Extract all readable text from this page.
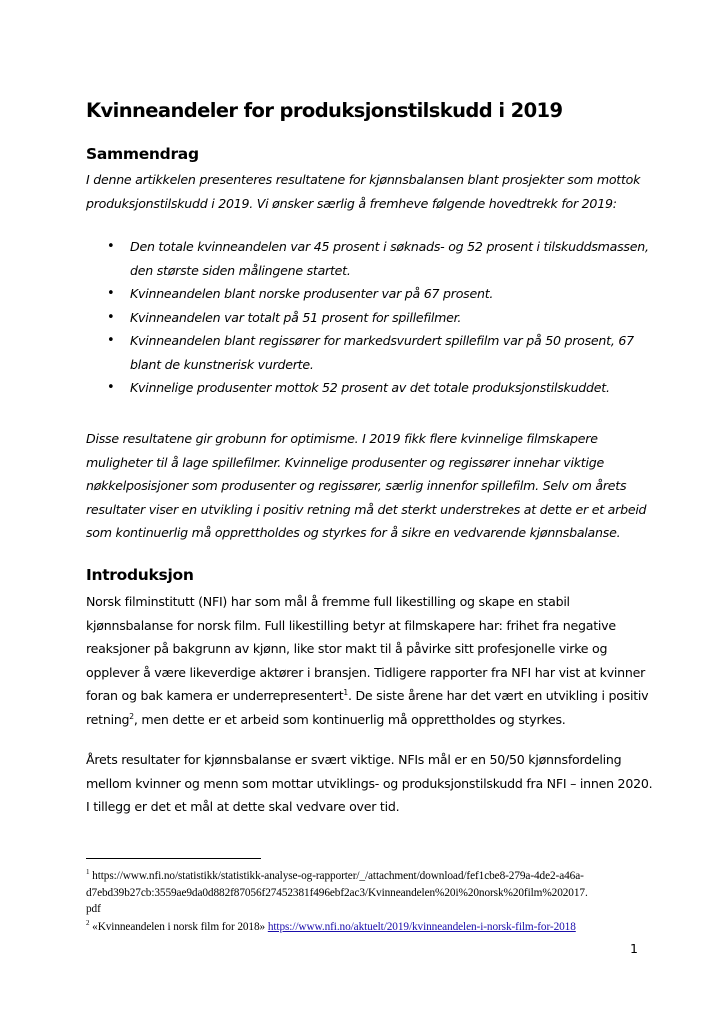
Kvinneandeler for produksjonstilskudd i 2019
Sammendrag

I denne artikkelen presenteres resultatene for kjønnsbalansen blant prosjekter som mottok
produksjonstilskudd i 2019. Vi ønsker særlig å fremheve følgende hovedtrekk for 2019:

• Den totale kvinneandelen var 45 prosent i søknads- og 52 prosent i tilskuddsmassen,
den største siden målingene startet.
• Kvinneandelen blant norske produsenter var på 67 prosent.
• Kvinneandelen var totalt på 51 prosent for spillefilmer.
• Kvinneandelen blant regissører for markedsvurdert spillefilm var på 50 prosent, 67
blant de kunstnerisk vurderte.
• Kvinnelige produsenter mottok 52 prosent av det totale produksjonstilskuddet.

Disse resultatene gir grobunn for optimisme. I 2019 fikk flere kvinnelige filmskapere
muligheter til å lage spillefilmer. Kvinnelige produsenter og regissører innehar viktige
nøkkelposisjoner som produsenter og regissører, særlig innenfor spillefilm. Selv om årets
resultater viser en utvikling i positiv retning må det sterkt understrekes at dette er et arbeid
som kontinuerlig må opprettholdes og styrkes for å sikre en vedvarende kjønnsbalanse.

Introduksjon

Norsk filminstitutt (NFI) har som mål å fremme full likestilling og skape en stabil
kjønnsbalanse for norsk film. Full likestilling betyr at filmskapere har: frihet fra negative
reaksjoner på bakgrunn av kjønn, like stor makt til å påvirke sitt profesjonelle virke og
opplever å være likeverdige aktører i bransjen. Tidligere rapporter fra NFI har vist at kvinner
foran og bak kamera er underrepresentert$^1$. De siste årene har det vært en utvikling i positiv
retning$^2$, men dette er et arbeid som kontinuerlig må opprettholdes og styrkes.

Årets resultater for kjønnsbalanse er svært viktige. NFIs mål er en 50/50 kjønnsfordeling
mellom kvinner og menn som mottar utviklings- og produksjonstilskudd fra NFI – innen 2020.
I tillegg er det et mål at dette skal vedvare over tid.

$^1$ https://www.nfi.no/statistikk/statistikk-analyse-og-rapporter/_/attachment/download/fef1cbe8-279a-4de2-a46a-
d7ebd39b27cb:3559ae9da0d882f87056f27452381f496ebf2ac3/Kvinneandelen%20i%20norsk%20film%202017.
pdf

$^2$ «Kvinneandelen i norsk film for 2018» https://www.nfi.no/aktuelt/2019/kvinneandelen-i-norsk-film-for-2018

1
